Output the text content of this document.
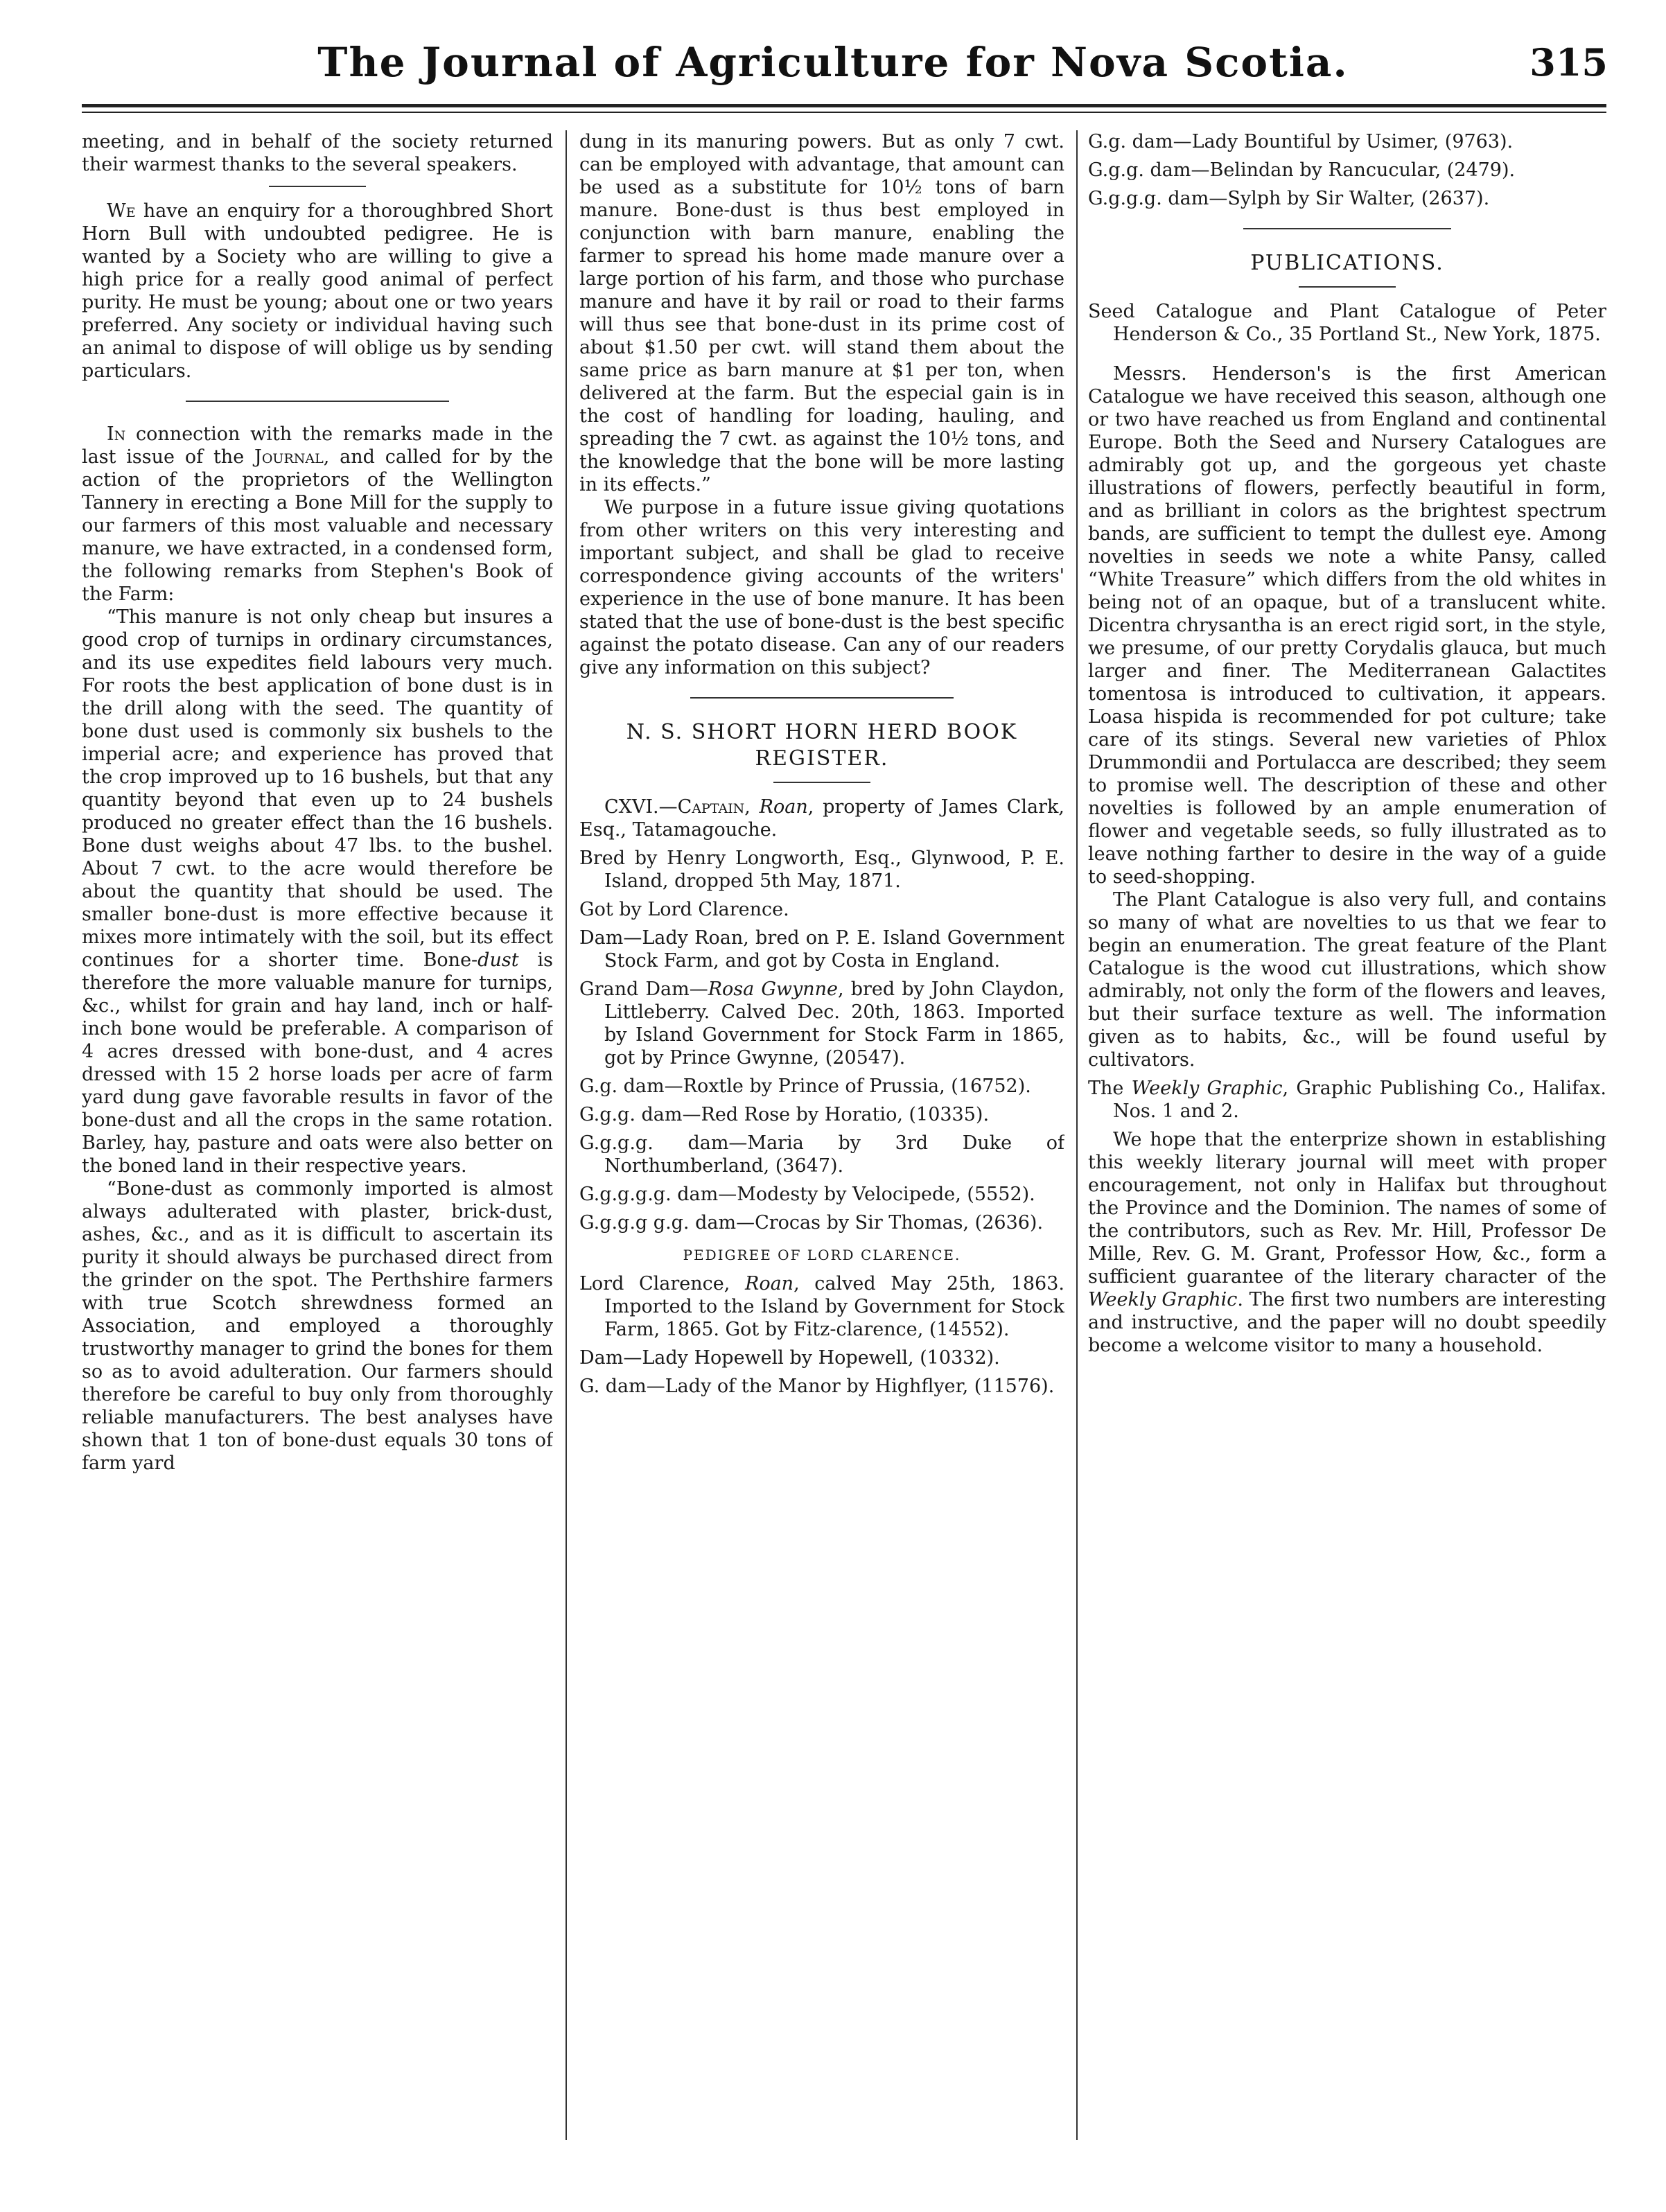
The Journal of Agriculture for Nova Scotia.	315

meeting, and in behalf of the society returned their warmest thanks to the several speakers.

We have an enquiry for a thoroughbred Short Horn Bull with undoubted pedigree. He is wanted by a Society who are willing to give a high price for a really good animal of perfect purity. He must be young; about one or two years preferred. Any society or individual having such an animal to dispose of will oblige us by sending particulars.

In connection with the remarks made in the last issue of the Journal, and called for by the action of the proprietors of the Wellington Tannery in erecting a Bone Mill for the supply to our farmers of this most valuable and necessary manure, we have extracted, in a condensed form, the following remarks from Stephen's Book of the Farm:

“This manure is not only cheap but insures a good crop of turnips in ordinary circumstances, and its use expedites field labours very much. For roots the best application of bone dust is in the drill along with the seed. The quantity of bone dust used is commonly six bushels to the imperial acre; and experience has proved that the crop improved up to 16 bushels, but that any quantity beyond that even up to 24 bushels produced no greater effect than the 16 bushels. Bone dust weighs about 47 lbs. to the bushel. About 7 cwt. to the acre would therefore be about the quantity that should be used. The smaller bone-dust is more effective because it mixes more intimately with the soil, but its effect continues for a shorter time. Bone-dust is therefore the more valuable manure for turnips, &c., whilst for grain and hay land, inch or half-inch bone would be preferable. A comparison of 4 acres dressed with bone-dust, and 4 acres dressed with 15 2 horse loads per acre of farm yard dung gave favorable results in favor of the bone-dust and all the crops in the same rotation. Barley, hay, pasture and oats were also better on the boned land in their respective years.

“Bone-dust as commonly imported is almost always adulterated with plaster, brick-dust, ashes, &c., and as it is difficult to ascertain its purity it should always be purchased direct from the grinder on the spot. The Perthshire farmers with true Scotch shrewdness formed an Association, and employed a thoroughly trustworthy manager to grind the bones for them so as to avoid adulteration. Our farmers should therefore be careful to buy only from thoroughly reliable manufacturers. The best analyses have shown that 1 ton of bone-dust equals 30 tons of farm yard

dung in its manuring powers. But as only 7 cwt. can be employed with advantage, that amount can be used as a substitute for 10½ tons of barn manure. Bone-dust is thus best employed in conjunction with barn manure, enabling the farmer to spread his home made manure over a large portion of his farm, and those who purchase manure and have it by rail or road to their farms will thus see that bone-dust in its prime cost of about $1.50 per cwt. will stand them about the same price as barn manure at $1 per ton, when delivered at the farm. But the especial gain is in the cost of handling for loading, hauling, and spreading the 7 cwt. as against the 10½ tons, and the knowledge that the bone will be more lasting in its effects.”

We purpose in a future issue giving quotations from other writers on this very interesting and important subject, and shall be glad to receive correspondence giving accounts of the writers' experience in the use of bone manure. It has been stated that the use of bone-dust is the best specific against the potato disease. Can any of our readers give any information on this subject?

N. S. SHORT HORN HERD BOOK REGISTER.

CXVI.—Captain, Roan, property of James Clark, Esq., Tatamagouche.

Bred by Henry Longworth, Esq., Glynwood, P. E. Island, dropped 5th May, 1871.

Got by Lord Clarence.

Dam—Lady Roan, bred on P. E. Island Government Stock Farm, and got by Costa in England.

Grand Dam—Rosa Gwynne, bred by John Claydon, Littleberry. Calved Dec. 20th, 1863. Imported by Island Government for Stock Farm in 1865, got by Prince Gwynne, (20547).

G.g. dam—Roxtle by Prince of Prussia, (16752).

G.g.g. dam—Red Rose by Horatio, (10335).

G.g.g.g. dam—Maria by 3rd Duke of Northumberland, (3647).

G.g.g.g.g. dam—Modesty by Velocipede, (5552).

G.g.g.g g.g. dam—Crocas by Sir Thomas, (2636).

PEDIGREE OF LORD CLARENCE.

Lord Clarence, Roan, calved May 25th, 1863. Imported to the Island by Government for Stock Farm, 1865. Got by Fitz-clarence, (14552).

Dam—Lady Hopewell by Hopewell, (10332).

G. dam—Lady of the Manor by Highflyer, (11576).

G.g. dam—Lady Bountiful by Usimer, (9763).

G.g.g. dam—Belindan by Rancucular, (2479).

G.g.g.g. dam—Sylph by Sir Walter, (2637).

PUBLICATIONS.

Seed Catalogue and Plant Catalogue of Peter Henderson & Co., 35 Portland St., New York, 1875.

Messrs. Henderson's is the first American Catalogue we have received this season, although one or two have reached us from England and continental Europe. Both the Seed and Nursery Catalogues are admirably got up, and the gorgeous yet chaste illustrations of flowers, perfectly beautiful in form, and as brilliant in colors as the brightest spectrum bands, are sufficient to tempt the dullest eye. Among novelties in seeds we note a white Pansy, called “White Treasure” which differs from the old whites in being not of an opaque, but of a translucent white. Dicentra chrysantha is an erect rigid sort, in the style, we presume, of our pretty Corydalis glauca, but much larger and finer. The Mediterranean Galactites tomentosa is introduced to cultivation, it appears. Loasa hispida is recommended for pot culture; take care of its stings. Several new varieties of Phlox Drummondii and Portulacca are described; they seem to promise well. The description of these and other novelties is followed by an ample enumeration of flower and vegetable seeds, so fully illustrated as to leave nothing farther to desire in the way of a guide to seed-shopping.

The Plant Catalogue is also very full, and contains so many of what are novelties to us that we fear to begin an enumeration. The great feature of the Plant Catalogue is the wood cut illustrations, which show admirably, not only the form of the flowers and leaves, but their surface texture as well. The information given as to habits, &c., will be found useful by cultivators.

The Weekly Graphic, Graphic Publishing Co., Halifax. Nos. 1 and 2.

We hope that the enterprize shown in establishing this weekly literary journal will meet with proper encouragement, not only in Halifax but throughout the Province and the Dominion. The names of some of the contributors, such as Rev. Mr. Hill, Professor De Mille, Rev. G. M. Grant, Professor How, &c., form a sufficient guarantee of the literary character of the Weekly Graphic. The first two numbers are interesting and instructive, and the paper will no doubt speedily become a welcome visitor to many a household.
